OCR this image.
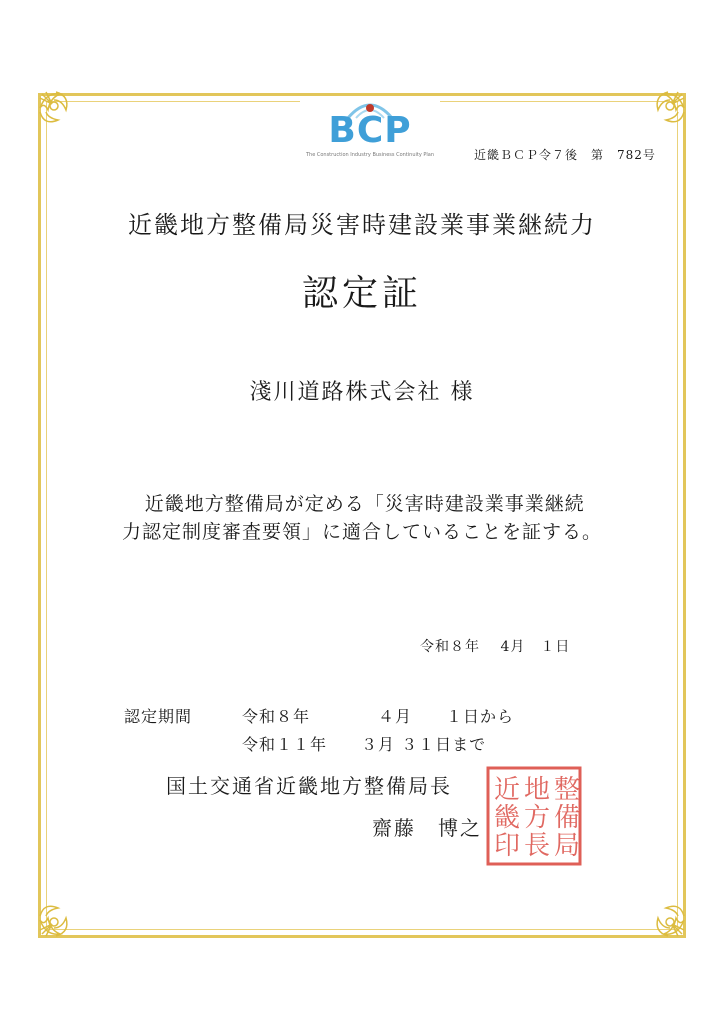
BCP
The Construction Industry Business Continuity Plan	近畿ＢＣＰ令７後　第　782号
近畿地方整備局災害時建設業事業継続力
認定証
淺川道路株式会社 様
近畿地方整備局が定める「災害時建設業事業継続力認定制度審査要領」に適合していることを証する。
令和８年　 4月　１日
認定期間	令和８年　　　　４月　　１日から
令和１１年　　３月 ３１日まで
国土交通省近畿地方整備局長
齋藤　博之
整
備
局
地
方
長
近
畿
印
